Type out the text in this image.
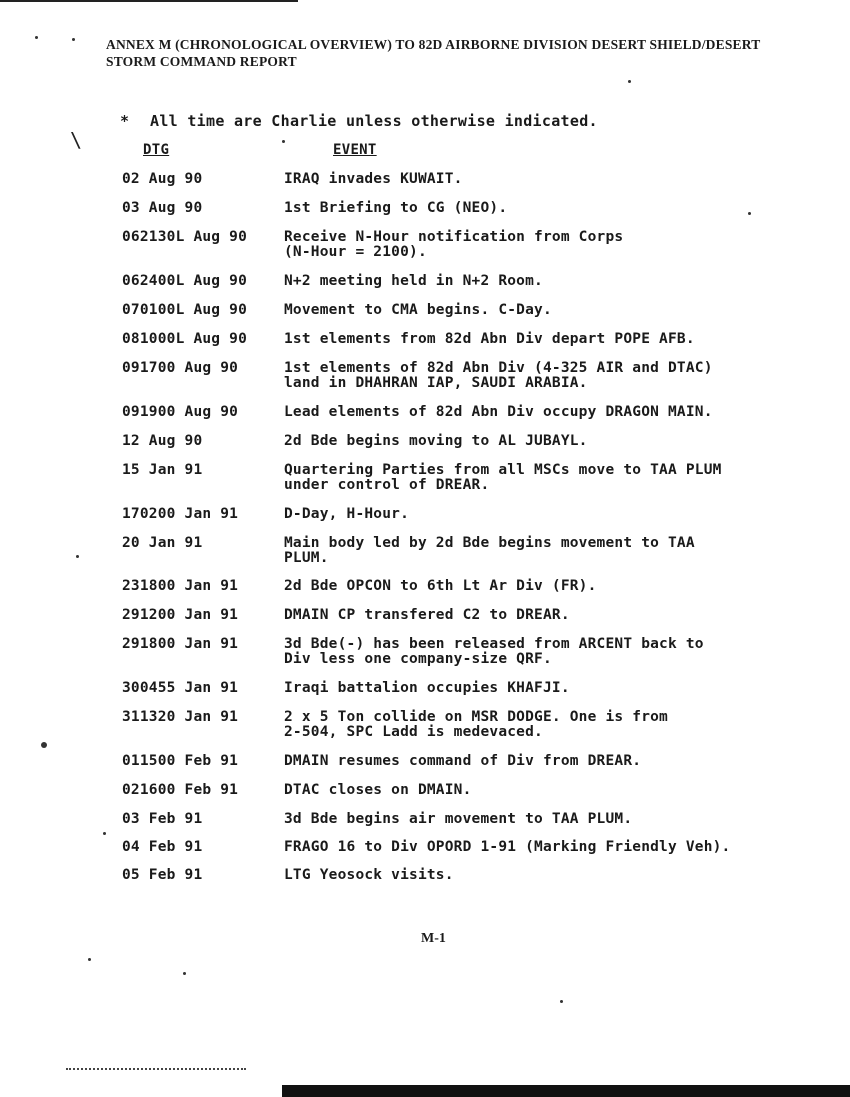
\
ANNEX M (CHRONOLOGICAL OVERVIEW) TO 82D AIRBORNE DIVISION DESERT SHIELD/DESERT STORM COMMAND REPORT
* All time are Charlie unless otherwise indicated.
DTG	EVENT
02 Aug 90	IRAQ invades KUWAIT.
03 Aug 90	1st Briefing to CG (NEO).
062130L Aug 90	Receive N-Hour notification from Corps
(N-Hour = 2100).
062400L Aug 90	N+2 meeting held in N+2 Room.
070100L Aug 90	Movement to CMA begins. C-Day.
081000L Aug 90	1st elements from 82d Abn Div depart POPE AFB.
091700 Aug 90	1st elements of 82d Abn Div (4-325 AIR and DTAC)
land in DHAHRAN IAP, SAUDI ARABIA.
091900 Aug 90	Lead elements of 82d Abn Div occupy DRAGON MAIN.
12 Aug 90	2d Bde begins moving to AL JUBAYL.
15 Jan 91	Quartering Parties from all MSCs move to TAA PLUM
under control of DREAR.
170200 Jan 91	D-Day, H-Hour.
20 Jan 91	Main body led by 2d Bde begins movement to TAA
PLUM.
231800 Jan 91	2d Bde OPCON to 6th Lt Ar Div (FR).
291200 Jan 91	DMAIN CP transfered C2 to DREAR.
291800 Jan 91	3d Bde(-) has been released from ARCENT back to
Div less one company-size QRF.
300455 Jan 91	Iraqi battalion occupies KHAFJI.
311320 Jan 91	2 x 5 Ton collide on MSR DODGE. One is from
2-504, SPC Ladd is medevaced.
011500 Feb 91	DMAIN resumes command of Div from DREAR.
021600 Feb 91	DTAC closes on DMAIN.
03 Feb 91	3d Bde begins air movement to TAA PLUM.
04 Feb 91	FRAGO 16 to Div OPORD 1-91 (Marking Friendly Veh).
05 Feb 91	LTG Yeosock visits.
M-1
